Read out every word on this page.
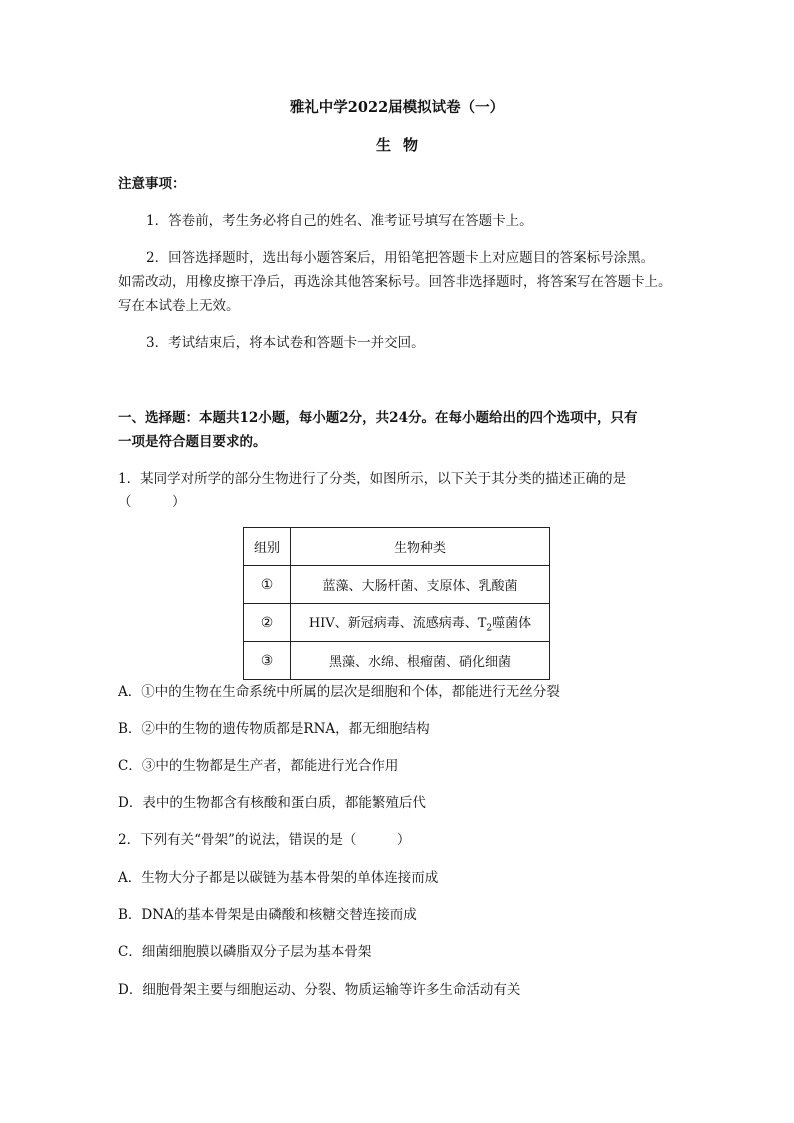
雅礼中学2022届模拟试卷（一）
生物
注意事项：
1．答卷前，考生务必将自己的姓名、准考证号填写在答题卡上。
2．回答选择题时，选出每小题答案后，用铅笔把答题卡上对应题目的答案标号涂黑。
如需改动，用橡皮擦干净后，再选涂其他答案标号。回答非选择题时，将答案写在答题卡上。
写在本试卷上无效。
3．考试结束后，将本试卷和答题卡一并交回。
一、选择题：本题共12小题，每小题2分，共24分。在每小题给出的四个选项中，只有
一项是符合题目要求的。
1．某同学对所学的部分生物进行了分类，如图所示，以下关于其分类的描述正确的是
（　　　）
组别	生物种类
①	蓝藻、大肠杆菌、支原体、乳酸菌
②	HIV、新冠病毒、流感病毒、$T_2$噬菌体
③	黑藻、水绵、根瘤菌、硝化细菌
A．①中的生物在生命系统中所属的层次是细胞和个体，都能进行无丝分裂
B．②中的生物的遗传物质都是RNA，都无细胞结构
C．③中的生物都是生产者，都能进行光合作用
D．表中的生物都含有核酸和蛋白质，都能繁殖后代
2．下列有关“骨架”的说法，错误的是（　　　）
A．生物大分子都是以碳链为基本骨架的单体连接而成
B．DNA的基本骨架是由磷酸和核糖交替连接而成
C．细菌细胞膜以磷脂双分子层为基本骨架
D．细胞骨架主要与细胞运动、分裂、物质运输等许多生命活动有关
